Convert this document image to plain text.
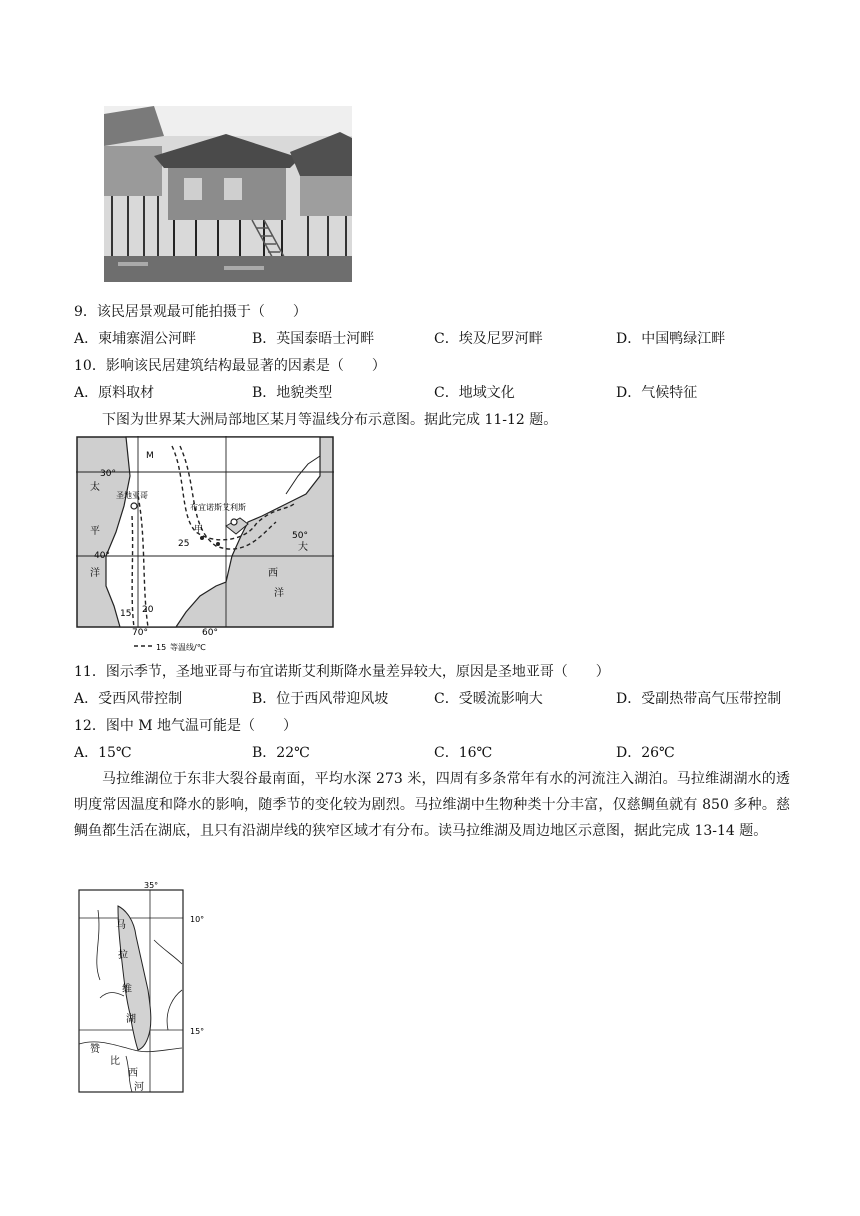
9．该民居景观最可能拍摄于（　　）
A．柬埔寨湄公河畔	B．英国泰晤士河畔	C．埃及尼罗河畔	D．中国鸭绿江畔
10．影响该民居建筑结构最显著的因素是（　　）
A．原料取材	B．地貌类型	C．地域文化	D．气候特征
下图为世界某大洲局部地区某月等温线分布示意图。据此完成 11-12 题。
30°
40°
70°	60°
50°
太
平
洋
大
西
洋
M
甲
圣地亚哥
布宜诺斯艾利斯
25
15 20
15 等温线/℃
11．图示季节，圣地亚哥与布宜诺斯艾利斯降水量差异较大，原因是圣地亚哥（　　）
A．受西风带控制	B．位于西风带迎风坡	C．受暖流影响大	D．受副热带高气压带控制
12．图中 M 地气温可能是（　　）
A．15℃	B．22℃	C．16℃	D．26℃
马拉维湖位于东非大裂谷最南面，平均水深 273 米，四周有多条常年有水的河流注入湖泊。马拉维湖湖水的透明度常因温度和降水的影响，随季节的变化较为剧烈。马拉维湖中生物种类十分丰富，仅慈鲷鱼就有 850 多种。慈鲷鱼都生活在湖底，且只有沿湖岸线的狭窄区域才有分布。读马拉维湖及周边地区示意图，据此完成 13-14 题。
35°
10°
15°
马
拉
维
湖
赞
比
西
河
